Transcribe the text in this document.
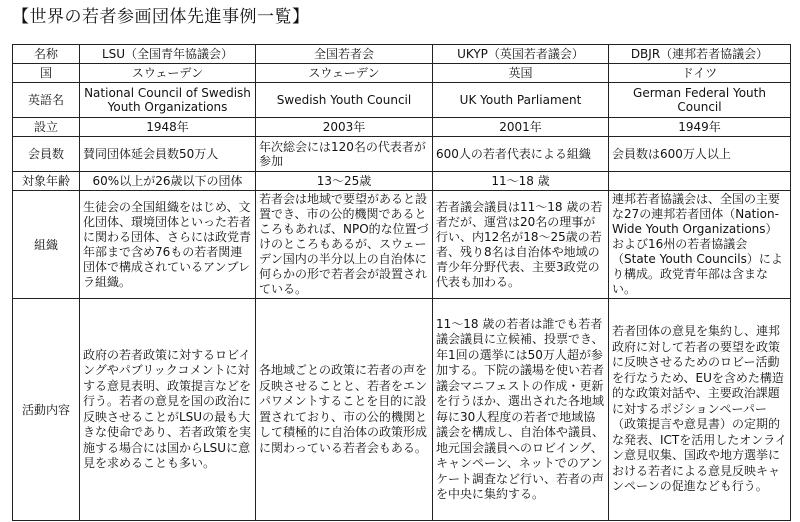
【世界の若者参画団体先進事例一覧】
名称	LSU（全国青年協議会）	全国若者会	UKYP（英国若者議会）	DBJR（連邦若者協議会）
国	スウェーデン	スウェーデン	英国	ドイツ
英語名	National Council of Swedish Youth Organizations	Swedish Youth Council	UK Youth Parliament	German Federal Youth Council
設立	1948年	2003年	2001年	1949年
会員数	賛同団体延会員数50万人	年次総会には120名の代表者が参加	600人の若者代表による組織	会員数は600万人以上
対象年齢	60%以上が26歳以下の団体	13～25歳	11～18 歳	
組織	生徒会の全国組織をはじめ、文化団体、環境団体といった若者に関わる団体、さらには政党青年部まで含め76もの若者関連団体で構成されているアンブレラ組織。	若者会は地域で要望があると設置でき、市の公的機関であるところもあれば、NPO的な位置づけのところもあるが、スウェーデン国内の半分以上の自治体に何らかの形で若者会が設置されている。	若者議会議員は11～18 歳の若者だが、運営は20名の理事が行い、内12名が18～25歳の若者、残り8名は自治体や地域の青少年分野代表、主要3政党の代表も加わる。	連邦若者協議会は、全国の主要な27の連邦若者団体（Nation-Wide Youth Organizations）および16州の若者協議会（State Youth Councils）により構成。政党青年部は含まない。

活動内容	政府の若者政策に対するロビイングやパブリックコメントに対する意見表明、政策提言などを行う。若者の意見を国の政治に反映させることがLSUの最も大きな使命であり、若者政策を実施する場合には国からLSUに意見を求めることも多い。	各地域ごとの政策に若者の声を反映させることと、若者をエンパワメントすることを目的に設置されており、市の公的機関として積極的に自治体の政策形成に関わっている若者会もある。	11～18 歳の若者は誰でも若者議会議員に立候補、投票でき、年1回の選挙には50万人超が参加する。下院の議場を使い若者議会マニフェストの作成・更新を行うほか、選出された各地域毎に30人程度の若者で地域協議会を構成し、自治体や議員、地元国会議員へのロビイング、キャンペーン、ネットでのアンケート調査など行い、若者の声を中央に集約する。	若者団体の意見を集約し、連邦政府に対して若者の要望を政策に反映させるためのロビー活動を行なうため、EUを含めた構造的な政策対話や、主要政治課題に対するポジションペーパー（政策提言や意見書）の定期的な発表、ICTを活用したオンライン意見収集、国政や地方選挙における若者による意見反映キャンペーンの促進なども行う。
